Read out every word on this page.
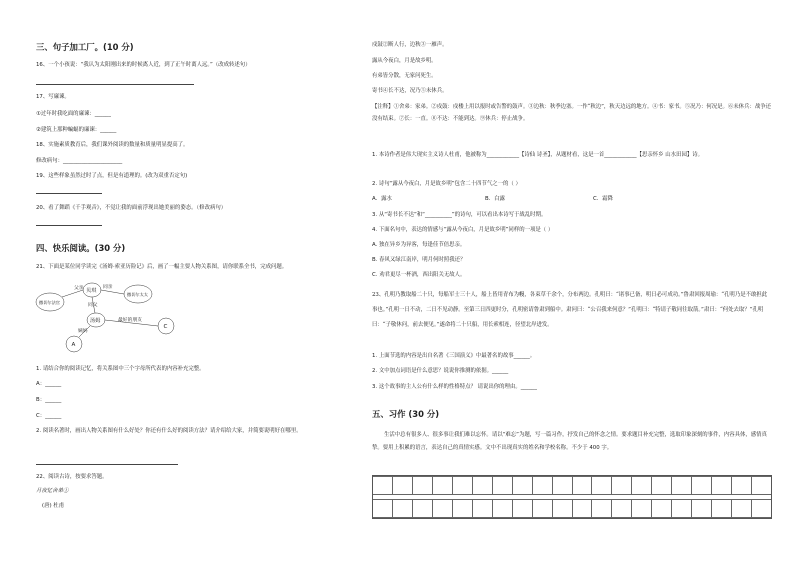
三、句子加工厂。(10 分)
16、一个小孩说：“我认为太阳刚出来的时候离人近，到了正午时离人远。”（改成转述句）
17、写廉谏。
①过年时我吃面的廉谏：______
②建筑上那种蝙蝠的廉谏：______
18、实施素质教育后，我们课外阅读的数量和质量明显提高了。
修改病句：______________________
19、这些样象虽然过时了点，但是有道理的。(改为双重否定句)
20、看了舞蹈《千手观音》，不觉让我的面前浮现出她美丽的姿态。（修改病句）
四、快乐阅读。(30 分)
21、下面是某位同学读完《汤姆·索亚历险记》后，画了一幅主要人物关系图，请你联系全书，完成问题。
父亲 贝琪
同亲
撒切尔法官
撒切尔太太
同父
汤姆
姨妈
最好的朋友
A
C
1. 请结合你的阅读记忆，将关系图中三个字母所代表的内容补充完整。
A：______
B：______
C：______
2. 阅读名著时，画出人物关系图有什么好处？你还有什么好的阅读方法？请介绍给大家，并简要说明好在哪里。
22、阅读古诗，按要求答题。
月夜忆舍弟①
(唐) 杜甫
戍鼓②断人行，边秋③一雁声。
露从今夜白，月是故乡明。
有弟皆分散，无家问死生。
寄书④长不达，况乃⑤未休兵。
【注释】①舍弟：家弟。②戍鼓：戍楼上用以报时或告警的鼓声。③边秋：秋季边塞。一作“秋边”，秋天边远的地方。④书：家书。⑤况乃：何况是。⑥未休兵：战争还没有结束。⑦长：一直。⑧不达：不能到达。⑨休兵：停止战争。
1. 本诗作者是伟大现实主义诗人杜甫，他被称为____________【诗仙 诗圣】，从题材看，这是一首____________【思亲怀乡 山水田园】诗。
2. 诗句“露从今夜白，月是故乡明”包含二十四节气之一的（ ）
A．露水	B．白露	C．霜降
3. 从“寄书长不达”和“__________”的诗句，可以看出本诗写于战乱时期。
4. 下面名句中，表达的情感与“露从今夜白，月是故乡明”同样的一项是（ ）
A. 独在异乡为异客，每逢佳节倍思亲。
B. 春风又绿江南岸，明月何时照我还？
C. 劝君更尽一杯酒，西出阳关无故人。
23、孔明乃教取船二十只，每船军士三十人，船上皆用青布为幔，各束草千余个，分布两边。孔明曰：“诸事已备，明日必可成功。”鲁肃回报周瑜：“孔明乃是不敢担此事也。”孔明一日不动，二日不见动静。至第三日四更时分，孔明密请鲁肃到船中。肃问曰：“公召我来何意？”孔明曰：“特请子敬同往取箭。”肃曰：“何处去取？”孔明曰：“子敬休问，前去便见。”遂命将二十只船，用长索相连，径望北岸进发。
1. 上面节选的内容是出自名著《三国演义》中最著名的故事______。
2. 文中加点词语是什么意思？说说你推测的依据。______
3. 这个故事的主人公有什么样的性格特点？ 请说出你的理由。______
五、习作 (30 分)
生活中总有很多人、很多事让我们难以忘怀。请以“难忘”为题，写一篇习作，抒发自己的怀念之情。要求题目补充完整，选取印象深刻的事件，内容具体，感情真挚。要用上积累的语言，表达自己的真情实感。文中不出现真实的姓名和学校名称。不少于 400 字。
